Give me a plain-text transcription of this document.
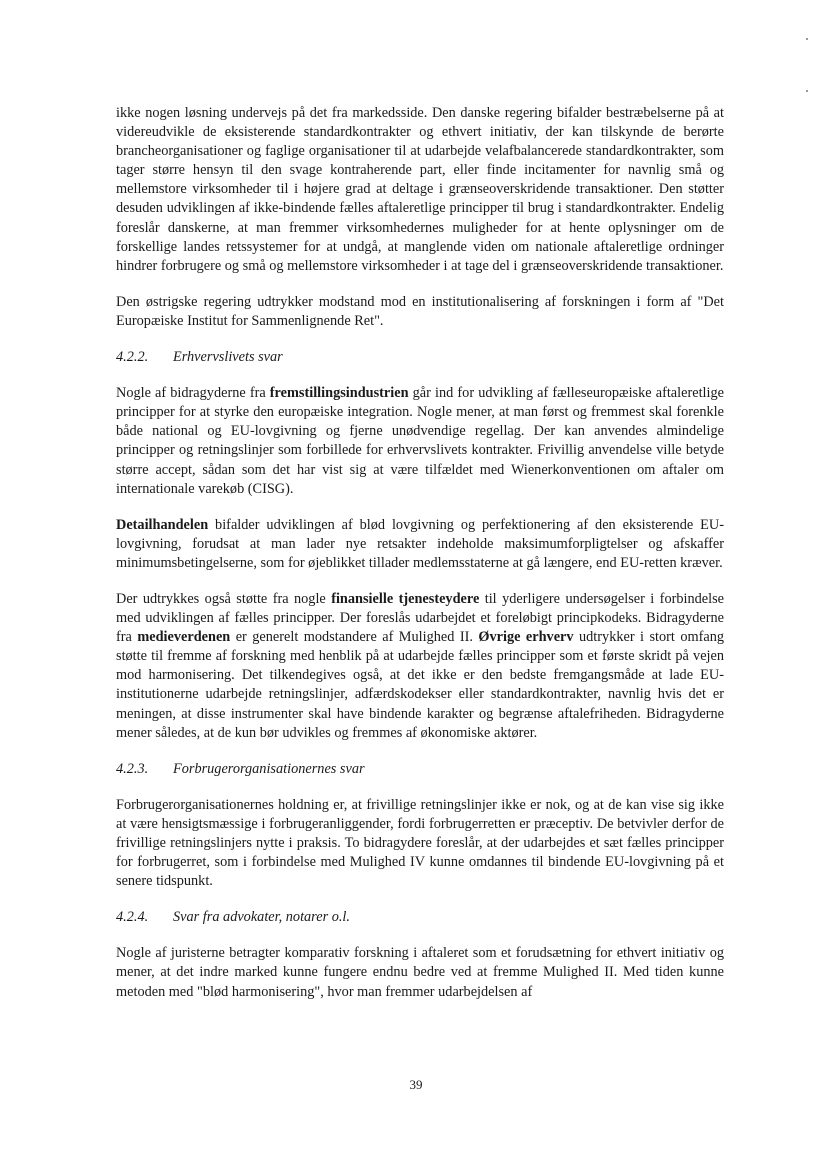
ikke nogen løsning undervejs på det fra markedsside. Den danske regering bifalder bestræbelserne på at videreudvikle de eksisterende standardkontrakter og ethvert initiativ, der kan tilskynde de berørte brancheorganisationer og faglige organisationer til at udarbejde velafbalancerede standardkontrakter, som tager større hensyn til den svage kontraherende part, eller finde incitamenter for navnlig små og mellemstore virksomheder til i højere grad at deltage i grænseoverskridende transaktioner. Den støtter desuden udviklingen af ikke-bindende fælles aftaleretlige principper til brug i standardkontrakter. Endelig foreslår danskerne, at man fremmer virksomhedernes muligheder for at hente oplysninger om de forskellige landes retssystemer for at undgå, at manglende viden om nationale aftaleretlige ordninger hindrer forbrugere og små og mellemstore virksomheder i at tage del i grænseoverskridende transaktioner.

Den østrigske regering udtrykker modstand mod en institutionalisering af forskningen i form af "Det Europæiske Institut for Sammenlignende Ret".

4.2.2. Erhvervslivets svar

Nogle af bidragyderne fra fremstillingsindustrien går ind for udvikling af fælleseuropæiske aftaleretlige principper for at styrke den europæiske integration. Nogle mener, at man først og fremmest skal forenkle både national og EU-lovgivning og fjerne unødvendige regellag. Der kan anvendes almindelige principper og retningslinjer som forbillede for erhvervslivets kontrakter. Frivillig anvendelse ville betyde større accept, sådan som det har vist sig at være tilfældet med Wienerkonventionen om aftaler om internationale varekøb (CISG).

Detailhandelen bifalder udviklingen af blød lovgivning og perfektionering af den eksisterende EU-lovgivning, forudsat at man lader nye retsakter indeholde maksimumforpligtelser og afskaffer minimumsbetingelserne, som for øjeblikket tillader medlemsstaterne at gå længere, end EU-retten kræver.

Der udtrykkes også støtte fra nogle finansielle tjenesteydere til yderligere undersøgelser i forbindelse med udviklingen af fælles principper. Der foreslås udarbejdet et foreløbigt principkodeks. Bidragyderne fra medieverdenen er generelt modstandere af Mulighed II. Øvrige erhverv udtrykker i stort omfang støtte til fremme af forskning med henblik på at udarbejde fælles principper som et første skridt på vejen mod harmonisering. Det tilkendegives også, at det ikke er den bedste fremgangsmåde at lade EU-institutionerne udarbejde retningslinjer, adfærdskodekser eller standardkontrakter, navnlig hvis det er meningen, at disse instrumenter skal have bindende karakter og begrænse aftalefriheden. Bidragyderne mener således, at de kun bør udvikles og fremmes af økonomiske aktører.

4.2.3. Forbrugerorganisationernes svar

Forbrugerorganisationernes holdning er, at frivillige retningslinjer ikke er nok, og at de kan vise sig ikke at være hensigtsmæssige i forbrugeranliggender, fordi forbrugerretten er præceptiv. De betvivler derfor de frivillige retningslinjers nytte i praksis. To bidragydere foreslår, at der udarbejdes et sæt fælles principper for forbrugerret, som i forbindelse med Mulighed IV kunne omdannes til bindende EU-lovgivning på et senere tidspunkt.

4.2.4. Svar fra advokater, notarer o.l.

Nogle af juristerne betragter komparativ forskning i aftaleret som et forudsætning for ethvert initiativ og mener, at det indre marked kunne fungere endnu bedre ved at fremme Mulighed II. Med tiden kunne metoden med "blød harmonisering", hvor man fremmer udarbejdelsen af

39
